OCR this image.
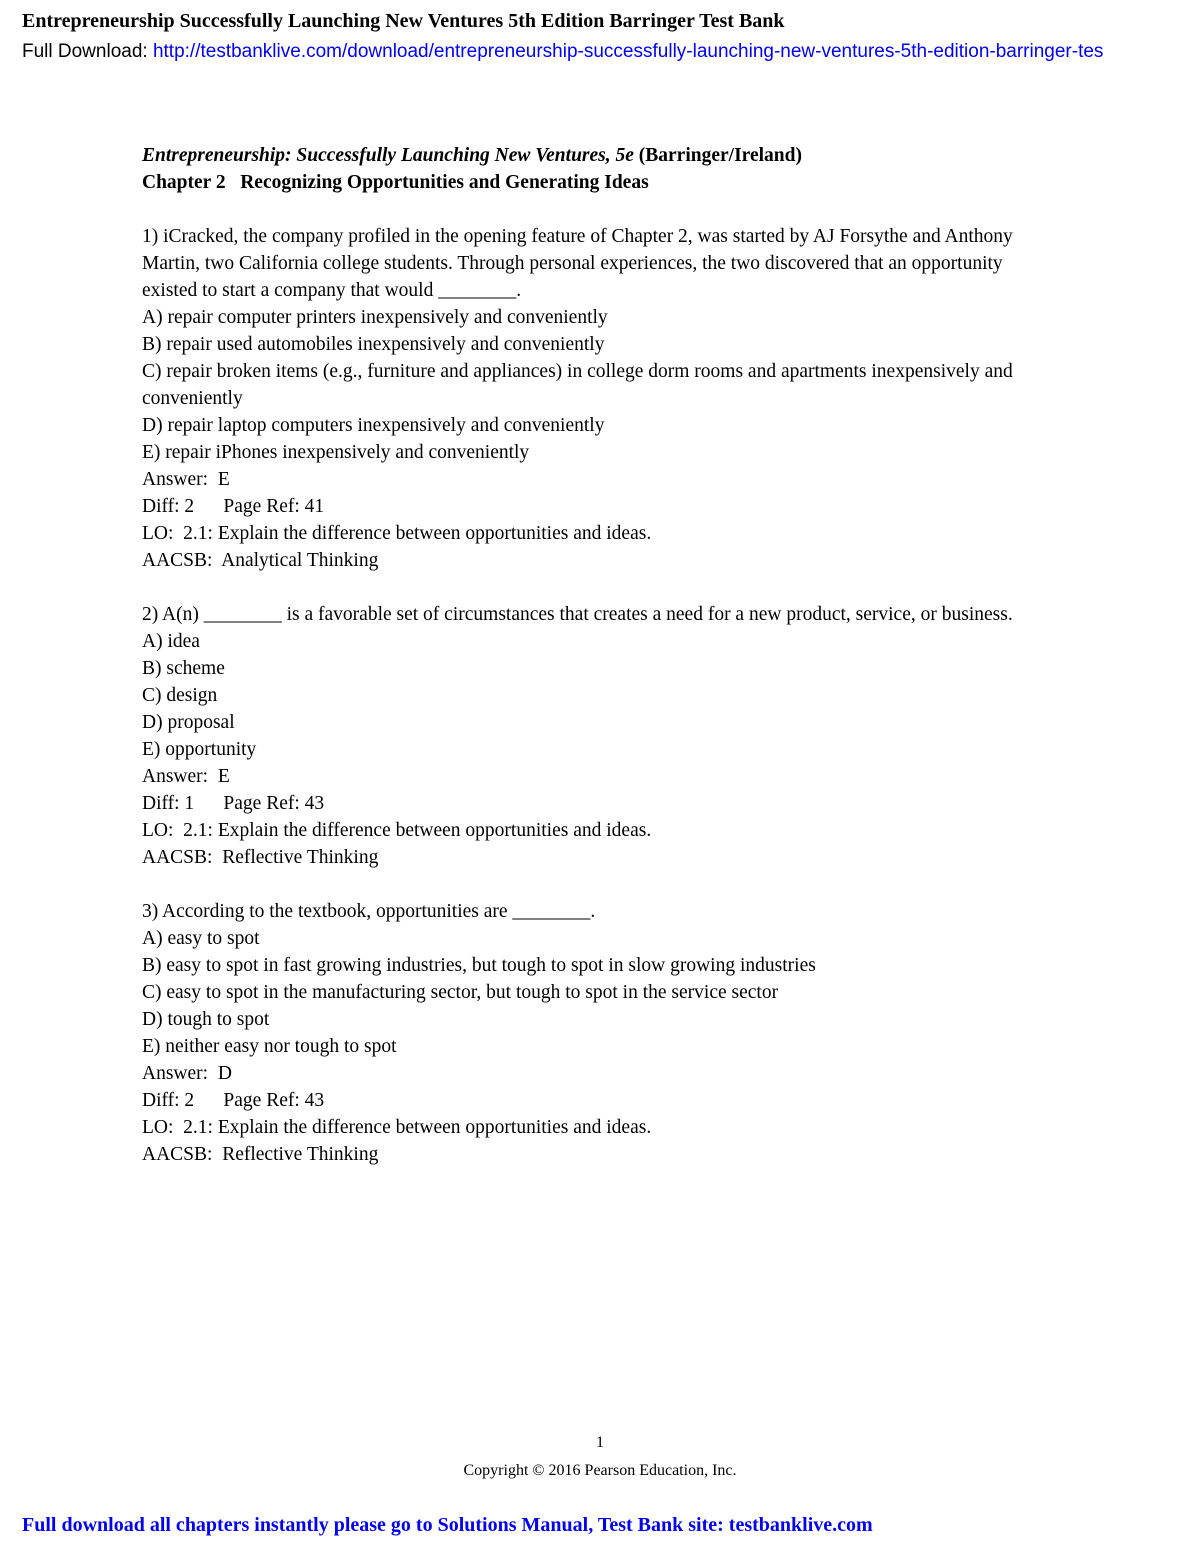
Entrepreneurship Successfully Launching New Ventures 5th Edition Barringer Test Bank
Full Download: http://testbanklive.com/download/entrepreneurship-successfully-launching-new-ventures-5th-edition-barringer-tes
Entrepreneurship: Successfully Launching New Ventures, 5e (Barringer/Ireland)
Chapter 2   Recognizing Opportunities and Generating Ideas
1) iCracked, the company profiled in the opening feature of Chapter 2, was started by AJ Forsythe and Anthony Martin, two California college students. Through personal experiences, the two discovered that an opportunity existed to start a company that would ________.
A) repair computer printers inexpensively and conveniently
B) repair used automobiles inexpensively and conveniently
C) repair broken items (e.g., furniture and appliances) in college dorm rooms and apartments inexpensively and conveniently
D) repair laptop computers inexpensively and conveniently
E) repair iPhones inexpensively and conveniently
Answer:  E
Diff: 2      Page Ref: 41
LO:  2.1: Explain the difference between opportunities and ideas.
AACSB:  Analytical Thinking
2) A(n) ________ is a favorable set of circumstances that creates a need for a new product, service, or business.
A) idea
B) scheme
C) design
D) proposal
E) opportunity
Answer:  E
Diff: 1      Page Ref: 43
LO:  2.1: Explain the difference between opportunities and ideas.
AACSB:  Reflective Thinking
3) According to the textbook, opportunities are ________.
A) easy to spot
B) easy to spot in fast growing industries, but tough to spot in slow growing industries
C) easy to spot in the manufacturing sector, but tough to spot in the service sector
D) tough to spot
E) neither easy nor tough to spot
Answer:  D
Diff: 2      Page Ref: 43
LO:  2.1: Explain the difference between opportunities and ideas.
AACSB:  Reflective Thinking
1
Copyright © 2016 Pearson Education, Inc.
Full download all chapters instantly please go to Solutions Manual, Test Bank site: testbanklive.com
